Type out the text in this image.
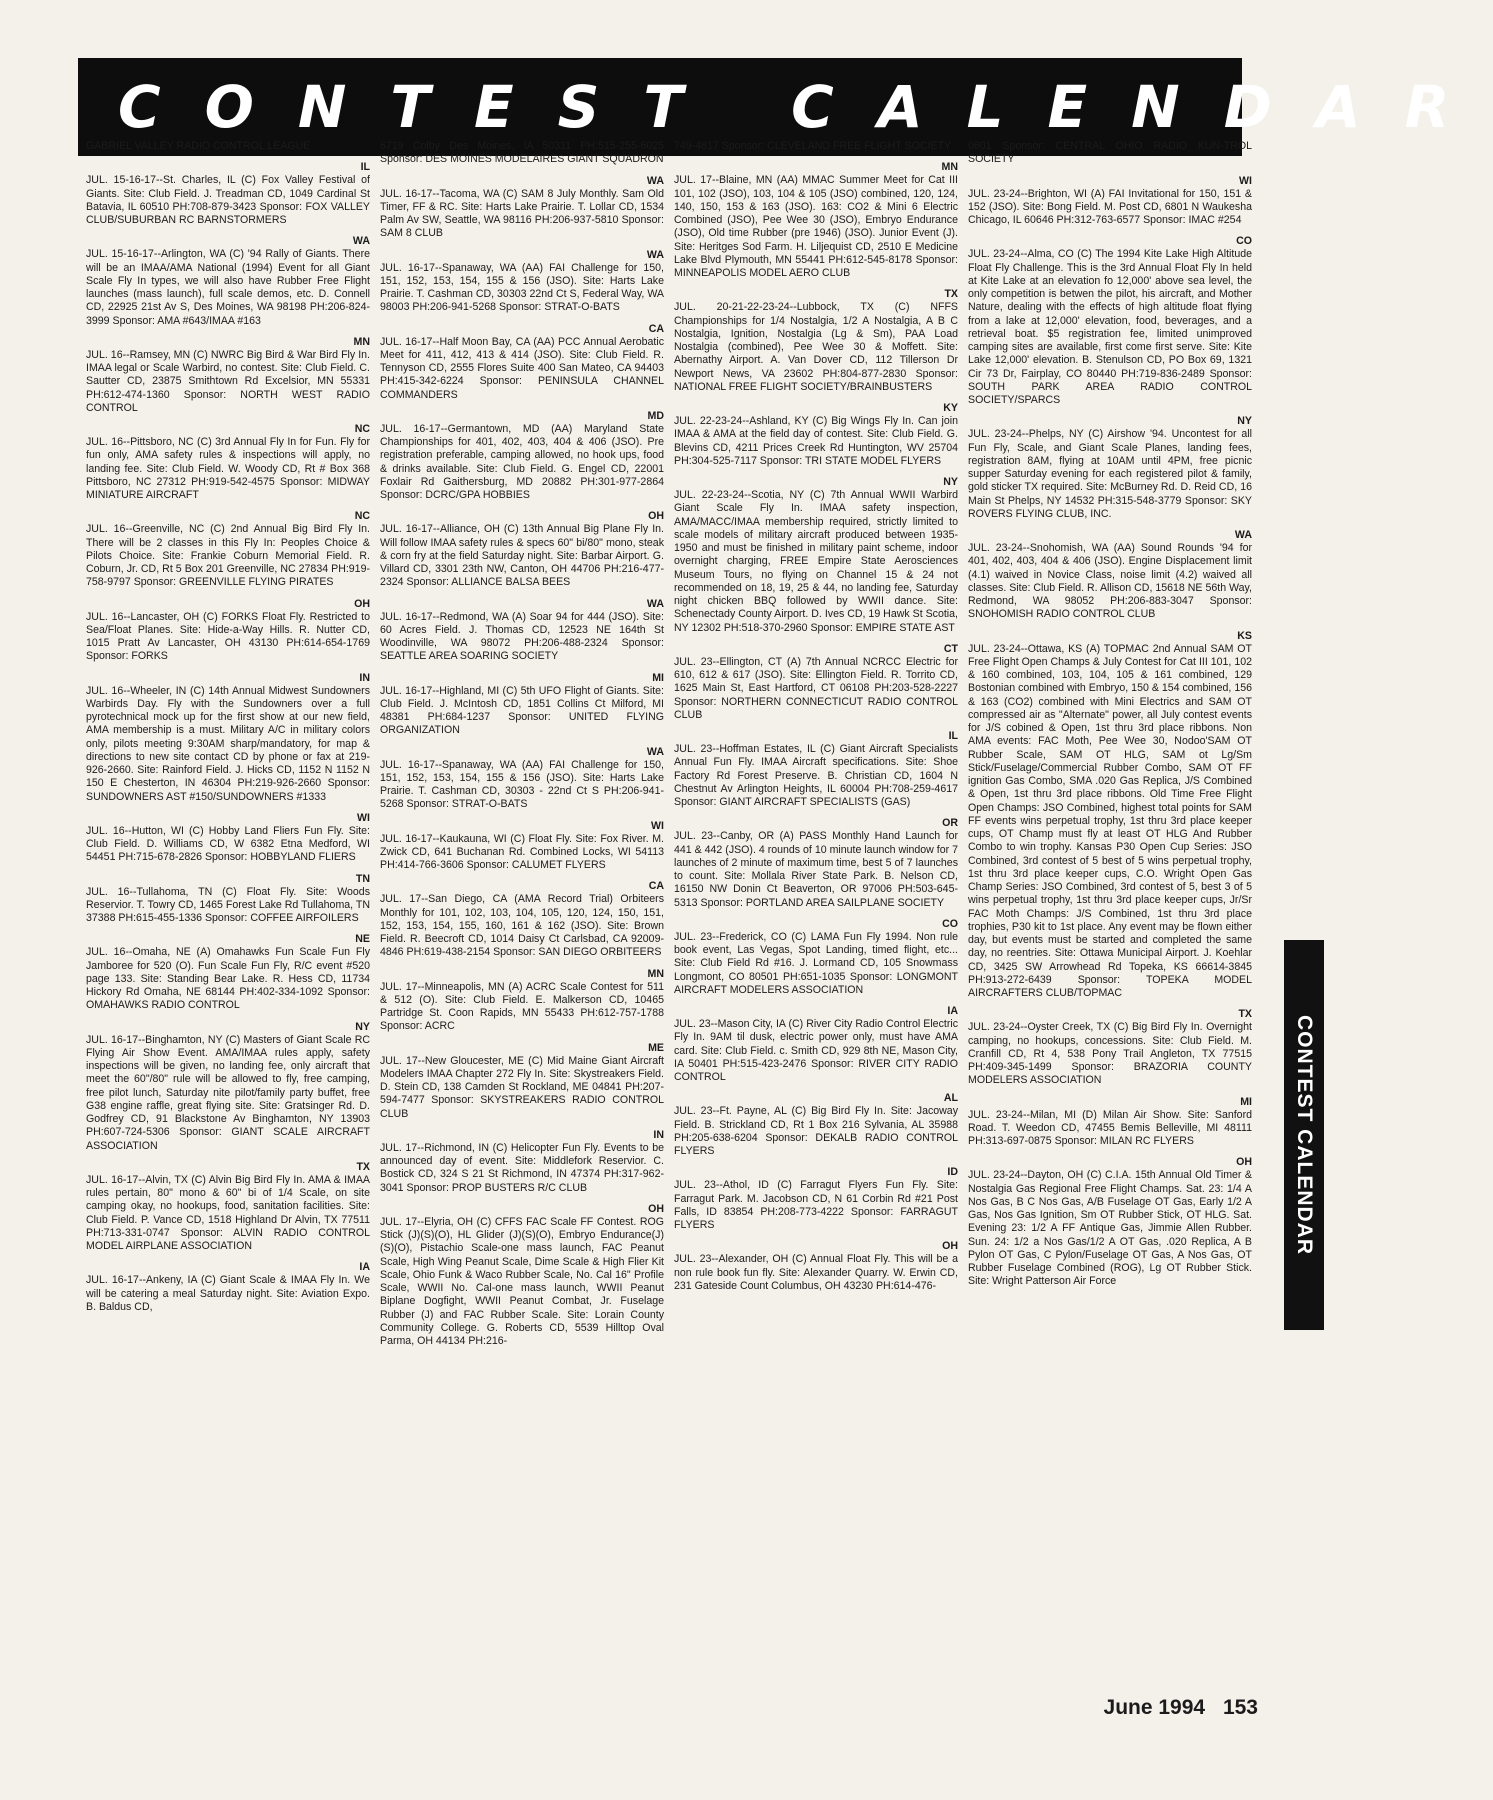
CONTEST CALENDAR
GABRIEL VALLEY RADIO CONTROL LEAGUE
IL
JUL. 15-16-17--St. Charles, IL (C) Fox Valley Festival of Giants. Site: Club Field. J. Treadman CD, 1049 Cardinal St Batavia, IL 60510 PH:708-879-3423 Sponsor: FOX VALLEY CLUB/SUBURBAN RC BARNSTORMERS
WA
JUL. 15-16-17--Arlington, WA (C) '94 Rally of Giants. There will be an IMAA/AMA National (1994) Event for all Giant Scale Fly In types, we will also have Rubber Free Flight launches (mass launch), full scale demos, etc. D. Connell CD, 22925 21st Av S, Des Moines, WA 98198 PH:206-824-3999 Sponsor: AMA #643/IMAA #163
MN
JUL. 16--Ramsey, MN (C) NWRC Big Bird & War Bird Fly In. IMAA legal or Scale Warbird, no contest. Site: Club Field. C. Sautter CD, 23875 Smithtown Rd Excelsior, MN 55331 PH:612-474-1360 Sponsor: NORTH WEST RADIO CONTROL
NC
JUL. 16--Pittsboro, NC (C) 3rd Annual Fly In for Fun. Fly for fun only, AMA safety rules & inspections will apply, no landing fee. Site: Club Field. W. Woody CD, Rt # Box 368 Pittsboro, NC 27312 PH:919-542-4575 Sponsor: MIDWAY MINIATURE AIRCRAFT
NC
JUL. 16--Greenville, NC (C) 2nd Annual Big Bird Fly In. There will be 2 classes in this Fly In: Peoples Choice & Pilots Choice. Site: Frankie Coburn Memorial Field. R. Coburn, Jr. CD, Rt 5 Box 201 Greenville, NC 27834 PH:919-758-9797 Sponsor: GREENVILLE FLYING PIRATES
OH
JUL. 16--Lancaster, OH (C) FORKS Float Fly. Restricted to Sea/Float Planes. Site: Hide-a-Way Hills. R. Nutter CD, 1015 Pratt Av Lancaster, OH 43130 PH:614-654-1769 Sponsor: FORKS
IN
JUL. 16--Wheeler, IN (C) 14th Annual Midwest Sundowners Warbirds Day. Fly with the Sundowners over a full pyrotechnical mock up for the first show at our new field, AMA membership is a must. Military A/C in military colors only, pilots meeting 9:30AM sharp/mandatory, for map & directions to new site contact CD by phone or fax at 219-926-2660. Site: Rainford Field. J. Hicks CD, 1152 N 1152 N 150 E Chesterton, IN 46304 PH:219-926-2660 Sponsor: SUNDOWNERS AST #150/SUNDOWNERS #1333
WI
JUL. 16--Hutton, WI (C) Hobby Land Fliers Fun Fly. Site: Club Field. D. Williams CD, W 6382 Etna Medford, WI 54451 PH:715-678-2826 Sponsor: HOBBYLAND FLIERS
TN
JUL. 16--Tullahoma, TN (C) Float Fly. Site: Woods Reservior. T. Towry CD, 1465 Forest Lake Rd Tullahoma, TN 37388 PH:615-455-1336 Sponsor: COFFEE AIRFOILERS
NE
JUL. 16--Omaha, NE (A) Omahawks Fun Scale Fun Fly Jamboree for 520 (O). Fun Scale Fun Fly, R/C event #520 page 133. Site: Standing Bear Lake. R. Hess CD, 11734 Hickory Rd Omaha, NE 68144 PH:402-334-1092 Sponsor: OMAHAWKS RADIO CONTROL
NY
JUL. 16-17--Binghamton, NY (C) Masters of Giant Scale RC Flying Air Show Event. AMA/IMAA rules apply, safety inspections will be given, no landing fee, only aircraft that meet the 60"/80" rule will be allowed to fly, free camping, free pilot lunch, Saturday nite pilot/family party buffet, free G38 engine raffle, great flying site. Site: Gratsinger Rd. D. Godfrey CD, 91 Blackstone Av Binghamton, NY 13903 PH:607-724-5306 Sponsor: GIANT SCALE AIRCRAFT ASSOCIATION
TX
JUL. 16-17--Alvin, TX (C) Alvin Big Bird Fly In. AMA & IMAA rules pertain, 80" mono & 60" bi of 1/4 Scale, on site camping okay, no hookups, food, sanitation facilities. Site: Club Field. P. Vance CD, 1518 Highland Dr Alvin, TX 77511 PH:713-331-0747 Sponsor: ALVIN RADIO CONTROL MODEL AIRPLANE ASSOCIATION
IA
JUL. 16-17--Ankeny, IA (C) Giant Scale & IMAA Fly In. We will be catering a meal Saturday night. Site: Aviation Expo. B. Baldus CD,
6719 Colby Des Moines, IA 50311 PH:515-255-6025 Sponsor: DES MOINES MODELAIRES GIANT SQUADRON
WA
JUL. 16-17--Tacoma, WA (C) SAM 8 July Monthly. Sam Old Timer, FF & RC. Site: Harts Lake Prairie. T. Lollar CD, 1534 Palm Av SW, Seattle, WA 98116 PH:206-937-5810 Sponsor: SAM 8 CLUB
WA
JUL. 16-17--Spanaway, WA (AA) FAI Challenge for 150, 151, 152, 153, 154, 155 & 156 (JSO). Site: Harts Lake Prairie. T. Cashman CD, 30303 22nd Ct S, Federal Way, WA 98003 PH:206-941-5268 Sponsor: STRAT-O-BATS
CA
JUL. 16-17--Half Moon Bay, CA (AA) PCC Annual Aerobatic Meet for 411, 412, 413 & 414 (JSO). Site: Club Field. R. Tennyson CD, 2555 Flores Suite 400 San Mateo, CA 94403 PH:415-342-6224 Sponsor: PENINSULA CHANNEL COMMANDERS
MD
JUL. 16-17--Germantown, MD (AA) Maryland State Championships for 401, 402, 403, 404 & 406 (JSO). Pre registration preferable, camping allowed, no hook ups, food & drinks available. Site: Club Field. G. Engel CD, 22001 Foxlair Rd Gaithersburg, MD 20882 PH:301-977-2864 Sponsor: DCRC/GPA HOBBIES
OH
JUL. 16-17--Alliance, OH (C) 13th Annual Big Plane Fly In. Will follow IMAA safety rules & specs 60" bi/80" mono, steak & corn fry at the field Saturday night. Site: Barbar Airport. G. Villard CD, 3301 23th NW, Canton, OH 44706 PH:216-477-2324 Sponsor: ALLIANCE BALSA BEES
WA
JUL. 16-17--Redmond, WA (A) Soar 94 for 444 (JSO). Site: 60 Acres Field. J. Thomas CD, 12523 NE 164th St Woodinville, WA 98072 PH:206-488-2324 Sponsor: SEATTLE AREA SOARING SOCIETY
MI
JUL. 16-17--Highland, MI (C) 5th UFO Flight of Giants. Site: Club Field. J. McIntosh CD, 1851 Collins Ct Milford, MI 48381 PH:684-1237 Sponsor: UNITED FLYING ORGANIZATION
WA
JUL. 16-17--Spanaway, WA (AA) FAI Challenge for 150, 151, 152, 153, 154, 155 & 156 (JSO). Site: Harts Lake Prairie. T. Cashman CD, 30303 - 22nd Ct S PH:206-941-5268 Sponsor: STRAT-O-BATS
WI
JUL. 16-17--Kaukauna, WI (C) Float Fly. Site: Fox River. M. Zwick CD, 641 Buchanan Rd. Combined Locks, WI 54113 PH:414-766-3606 Sponsor: CALUMET FLYERS
CA
JUL. 17--San Diego, CA (AMA Record Trial) Orbiteers Monthly for 101, 102, 103, 104, 105, 120, 124, 150, 151, 152, 153, 154, 155, 160, 161 & 162 (JSO). Site: Brown Field. R. Beecroft CD, 1014 Daisy Ct Carlsbad, CA 92009-4846 PH:619-438-2154 Sponsor: SAN DIEGO ORBITEERS
MN
JUL. 17--Minneapolis, MN (A) ACRC Scale Contest for 511 & 512 (O). Site: Club Field. E. Malkerson CD, 10465 Partridge St. Coon Rapids, MN 55433 PH:612-757-1788 Sponsor: ACRC
ME
JUL. 17--New Gloucester, ME (C) Mid Maine Giant Aircraft Modelers IMAA Chapter 272 Fly In. Site: Skystreakers Field. D. Stein CD, 138 Camden St Rockland, ME 04841 PH:207-594-7477 Sponsor: SKYSTREAKERS RADIO CONTROL CLUB
IN
JUL. 17--Richmond, IN (C) Helicopter Fun Fly. Events to be announced day of event. Site: Middlefork Reservior. C. Bostick CD, 324 S 21 St Richmond, IN 47374 PH:317-962-3041 Sponsor: PROP BUSTERS R/C CLUB
OH
JUL. 17--Elyria, OH (C) CFFS FAC Scale FF Contest. ROG Stick (J)(S)(O), HL Glider (J)(S)(O), Embryo Endurance(J)(S)(O), Pistachio Scale-one mass launch, FAC Peanut Scale, High Wing Peanut Scale, Dime Scale & High Flier Kit Scale, Ohio Funk & Waco Rubber Scale, No. Cal 16" Profile Scale, WWII No. Cal-one mass launch, WWII Peanut Biplane Dogfight, WWII Peanut Combat, Jr. Fuselage Rubber (J) and FAC Rubber Scale. Site: Lorain County Community College. G. Roberts CD, 5539 Hilltop Oval Parma, OH 44134 PH:216-
749-4817 Sponsor: CLEVELAND FREE FLIGHT SOCIETY
MN
JUL. 17--Blaine, MN (AA) MMAC Summer Meet for Cat III 101, 102 (JSO), 103, 104 & 105 (JSO) combined, 120, 124, 140, 150, 153 & 163 (JSO). 163: CO2 & Mini 6 Electric Combined (JSO), Pee Wee 30 (JSO), Embryo Endurance (JSO), Old time Rubber (pre 1946) (JSO). Junior Event (J). Site: Heritges Sod Farm. H. Liljequist CD, 2510 E Medicine Lake Blvd Plymouth, MN 55441 PH:612-545-8178 Sponsor: MINNEAPOLIS MODEL AERO CLUB
TX
JUL. 20-21-22-23-24--Lubbock, TX (C) NFFS Championships for 1/4 Nostalgia, 1/2 A Nostalgia, A B C Nostalgia, Ignition, Nostalgia (Lg & Sm), PAA Load Nostalgia (combined), Pee Wee 30 & Moffett. Site: Abernathy Airport. A. Van Dover CD, 112 Tillerson Dr Newport News, VA 23602 PH:804-877-2830 Sponsor: NATIONAL FREE FLIGHT SOCIETY/BRAINBUSTERS
KY
JUL. 22-23-24--Ashland, KY (C) Big Wings Fly In. Can join IMAA & AMA at the field day of contest. Site: Club Field. G. Blevins CD, 4211 Prices Creek Rd Huntington, WV 25704 PH:304-525-7117 Sponsor: TRI STATE MODEL FLYERS
NY
JUL. 22-23-24--Scotia, NY (C) 7th Annual WWII Warbird Giant Scale Fly In. IMAA safety inspection, AMA/MACC/IMAA membership required, strictly limited to scale models of military aircraft produced between 1935-1950 and must be finished in military paint scheme, indoor overnight charging, FREE Empire State Aerosciences Museum Tours, no flying on Channel 15 & 24 not recommended on 18, 19, 25 & 44, no landing fee, Saturday night chicken BBQ followed by WWII dance. Site: Schenectady County Airport. D. Ives CD, 19 Hawk St Scotia, NY 12302 PH:518-370-2960 Sponsor: EMPIRE STATE AST
CT
JUL. 23--Ellington, CT (A) 7th Annual NCRCC Electric for 610, 612 & 617 (JSO). Site: Ellington Field. R. Torrito CD, 1625 Main St, East Hartford, CT 06108 PH:203-528-2227 Sponsor: NORTHERN CONNECTICUT RADIO CONTROL CLUB
IL
JUL. 23--Hoffman Estates, IL (C) Giant Aircraft Specialists Annual Fun Fly. IMAA Aircraft specifications. Site: Shoe Factory Rd Forest Preserve. B. Christian CD, 1604 N Chestnut Av Arlington Heights, IL 60004 PH:708-259-4617 Sponsor: GIANT AIRCRAFT SPECIALISTS (GAS)
OR
JUL. 23--Canby, OR (A) PASS Monthly Hand Launch for 441 & 442 (JSO). 4 rounds of 10 minute launch window for 7 launches of 2 minute of maximum time, best 5 of 7 launches to count. Site: Mollala River State Park. B. Nelson CD, 16150 NW Donin Ct Beaverton, OR 97006 PH:503-645-5313 Sponsor: PORTLAND AREA SAILPLANE SOCIETY
CO
JUL. 23--Frederick, CO (C) LAMA Fun Fly 1994. Non rule book event, Las Vegas, Spot Landing, timed flight, etc... Site: Club Field Rd #16. J. Lormand CD, 105 Snowmass Longmont, CO 80501 PH:651-1035 Sponsor: LONGMONT AIRCRAFT MODELERS ASSOCIATION
IA
JUL. 23--Mason City, IA (C) River City Radio Control Electric Fly In. 9AM til dusk, electric power only, must have AMA card. Site: Club Field. c. Smith CD, 929 8th NE, Mason City, IA 50401 PH:515-423-2476 Sponsor: RIVER CITY RADIO CONTROL
AL
JUL. 23--Ft. Payne, AL (C) Big Bird Fly In. Site: Jacoway Field. B. Strickland CD, Rt 1 Box 216 Sylvania, AL 35988 PH:205-638-6204 Sponsor: DEKALB RADIO CONTROL FLYERS
ID
JUL. 23--Athol, ID (C) Farragut Flyers Fun Fly. Site: Farragut Park. M. Jacobson CD, N 61 Corbin Rd #21 Post Falls, ID 83854 PH:208-773-4222 Sponsor: FARRAGUT FLYERS
OH
JUL. 23--Alexander, OH (C) Annual Float Fly. This will be a non rule book fun fly. Site: Alexander Quarry. W. Erwin CD, 231 Gateside Count Columbus, OH 43230 PH:614-476-
0601 Sponsor: CENTRAL OHIO RADIO KUN-TROL SOCIETY
WI
JUL. 23-24--Brighton, WI (A) FAI Invitational for 150, 151 & 152 (JSO). Site: Bong Field. M. Post CD, 6801 N Waukesha Chicago, IL 60646 PH:312-763-6577 Sponsor: IMAC #254
CO
JUL. 23-24--Alma, CO (C) The 1994 Kite Lake High Altitude Float Fly Challenge. This is the 3rd Annual Float Fly In held at Kite Lake at an elevation fo 12,000' above sea level, the only competition is betwen the pilot, his aircraft, and Mother Nature, dealing with the effects of high altitude float flying from a lake at 12,000' elevation, food, beverages, and a retrieval boat. $5 registration fee, limited unimproved camping sites are available, first come first serve. Site: Kite Lake 12,000' elevation. B. Stenulson CD, PO Box 69, 1321 Cir 73 Dr, Fairplay, CO 80440 PH:719-836-2489 Sponsor: SOUTH PARK AREA RADIO CONTROL SOCIETY/SPARCS
NY
JUL. 23-24--Phelps, NY (C) Airshow '94. Uncontest for all Fun Fly, Scale, and Giant Scale Planes, landing fees, registration 8AM, flying at 10AM until 4PM, free picnic supper Saturday evening for each registered pilot & family, gold sticker TX required. Site: McBurney Rd. D. Reid CD, 16 Main St Phelps, NY 14532 PH:315-548-3779 Sponsor: SKY ROVERS FLYING CLUB, INC.
WA
JUL. 23-24--Snohomish, WA (AA) Sound Rounds '94 for 401, 402, 403, 404 & 406 (JSO). Engine Displacement limit (4.1) waived in Novice Class, noise limit (4.2) waived all classes. Site: Club Field. R. Allison CD, 15618 NE 56th Way, Redmond, WA 98052 PH:206-883-3047 Sponsor: SNOHOMISH RADIO CONTROL CLUB
KS
JUL. 23-24--Ottawa, KS (A) TOPMAC 2nd Annual SAM OT Free Flight Open Champs & July Contest for Cat III 101, 102 & 160 combined, 103, 104, 105 & 161 combined, 129 Bostonian combined with Embryo, 150 & 154 combined, 156 & 163 (CO2) combined with Mini Electrics and SAM OT compressed air as "Alternate" power, all July contest events for J/S cobined & Open, 1st thru 3rd place ribbons. Non AMA events: FAC Moth, Pee Wee 30, Nodoo'SAM OT Rubber Scale, SAM OT HLG, SAM ot Lg/Sm Stick/Fuselage/Commercial Rubber Combo, SAM OT FF ignition Gas Combo, SMA .020 Gas Replica, J/S Combined & Open, 1st thru 3rd place ribbons. Old Time Free Flight Open Champs: JSO Combined, highest total points for SAM FF events wins perpetual trophy, 1st thru 3rd place keeper cups, OT Champ must fly at least OT HLG And Rubber Combo to win trophy. Kansas P30 Open Cup Series: JSO Combined, 3rd contest of 5 best of 5 wins perpetual trophy, 1st thru 3rd place keeper cups, C.O. Wright Open Gas Champ Series: JSO Combined, 3rd contest of 5, best 3 of 5 wins perpetual trophy, 1st thru 3rd place keeper cups, Jr/Sr FAC Moth Champs: J/S Combined, 1st thru 3rd place trophies, P30 kit to 1st place. Any event may be flown either day, but events must be started and completed the same day, no reentries. Site: Ottawa Municipal Airport. J. Koehlar CD, 3425 SW Arrowhead Rd Topeka, KS 66614-3845 PH:913-272-6439 Sponsor: TOPEKA MODEL AIRCRAFTERS CLUB/TOPMAC
TX
JUL. 23-24--Oyster Creek, TX (C) Big Bird Fly In. Overnight camping, no hookups, concessions. Site: Club Field. M. Cranfill CD, Rt 4, 538 Pony Trail Angleton, TX 77515 PH:409-345-1499 Sponsor: BRAZORIA COUNTY MODELERS ASSOCIATION
MI
JUL. 23-24--Milan, MI (D) Milan Air Show. Site: Sanford Road. T. Weedon CD, 47455 Bemis Belleville, MI 48111 PH:313-697-0875 Sponsor: MILAN RC FLYERS
OH
JUL. 23-24--Dayton, OH (C) C.I.A. 15th Annual Old Timer & Nostalgia Gas Regional Free Flight Champs. Sat. 23: 1/4 A Nos Gas, B C Nos Gas, A/B Fuselage OT Gas, Early 1/2 A Gas, Nos Gas Ignition, Sm OT Rubber Stick, OT HLG. Sat. Evening 23: 1/2 A FF Antique Gas, Jimmie Allen Rubber. Sun. 24: 1/2 a Nos Gas/1/2 A OT Gas, .020 Replica, A B Pylon OT Gas, C Pylon/Fuselage OT Gas, A Nos Gas, OT Rubber Fuselage Combined (ROG), Lg OT Rubber Stick. Site: Wright Patterson Air Force
CONTEST CALENDAR
June 1994 153
